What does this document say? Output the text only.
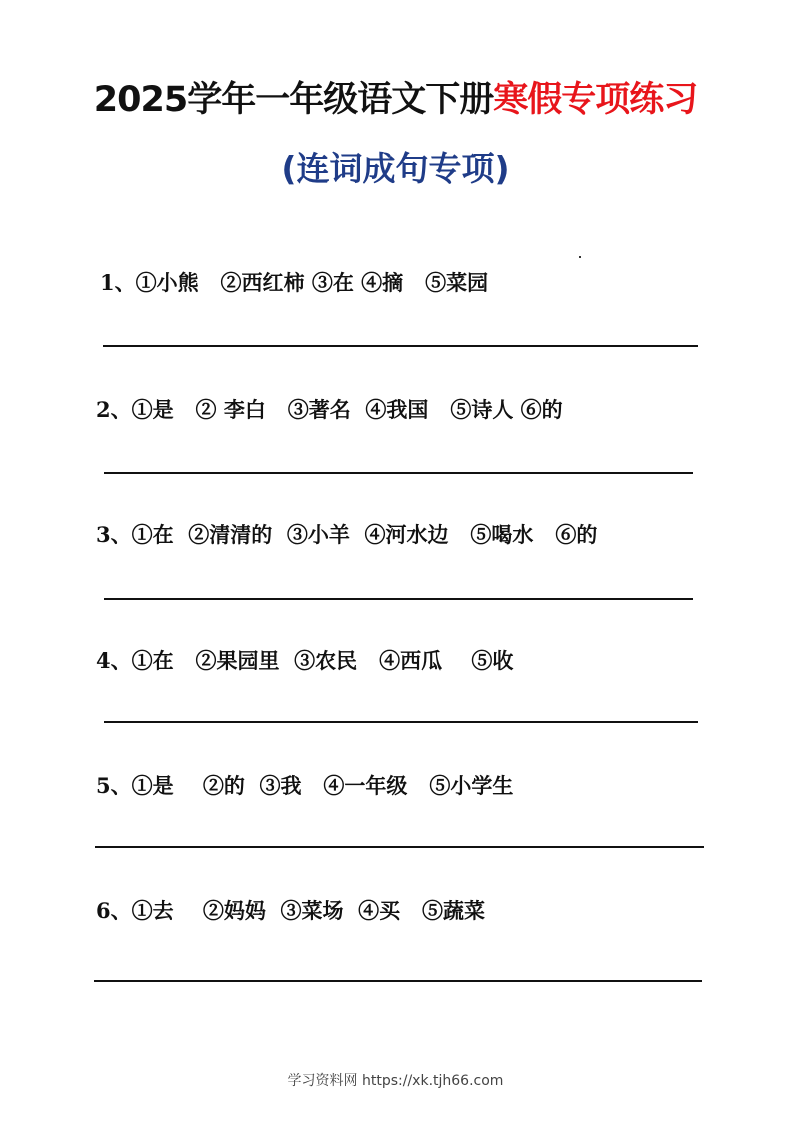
2025学年一年级语文下册寒假专项练习
(连词成句专项)
1、①小熊   ②西红柿 ③在 ④摘   ⑤菜园
2、①是   ② 李白   ③著名  ④我国   ⑤诗人 ⑥的
3、①在  ②清清的  ③小羊  ④河水边   ⑤喝水   ⑥的
4、①在   ②果园里  ③农民   ④西瓜    ⑤收
5、①是    ②的  ③我   ④一年级   ⑤小学生
6、①去    ②妈妈  ③菜场  ④买   ⑤蔬菜
学习资料网 https://xk.tjh66.com
